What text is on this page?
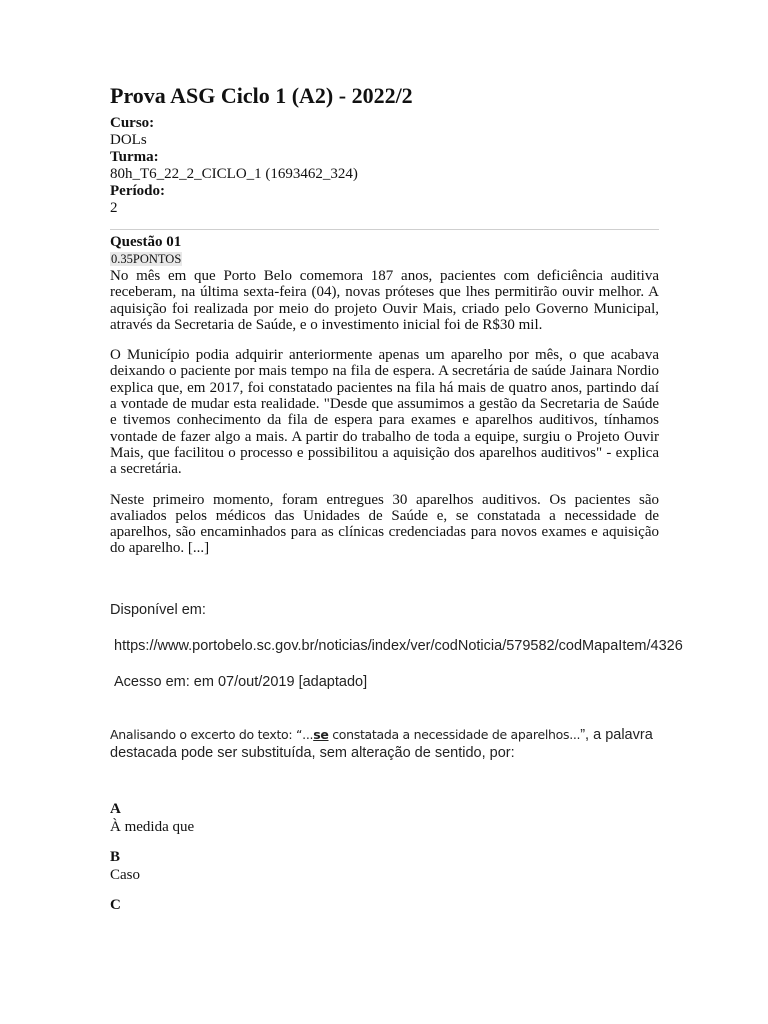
Prova ASG Ciclo 1 (A2) - 2022/2
Curso:
DOLs
Turma:
80h_T6_22_2_CICLO_1 (1693462_324)
Período:
2
Questão 01
0.35PONTOS

No mês em que Porto Belo comemora 187 anos, pacientes com deficiência auditiva receberam, na última sexta-feira (04), novas próteses que lhes permitirão ouvir melhor. A aquisição foi realizada por meio do projeto Ouvir Mais, criado pelo Governo Municipal, através da Secretaria de Saúde, e o investimento inicial foi de R$30 mil.

O Município podia adquirir anteriormente apenas um aparelho por mês, o que acabava deixando o paciente por mais tempo na fila de espera. A secretária de saúde Jainara Nordio explica que, em 2017, foi constatado pacientes na fila há mais de quatro anos, partindo daí a vontade de mudar esta realidade. "Desde que assumimos a gestão da Secretaria de Saúde e tivemos conhecimento da fila de espera para exames e aparelhos auditivos, tínhamos vontade de fazer algo a mais. A partir do trabalho de toda a equipe, surgiu o Projeto Ouvir Mais, que facilitou o processo e possibilitou a aquisição dos aparelhos auditivos" - explica a secretária.

Neste primeiro momento, foram entregues 30 aparelhos auditivos. Os pacientes são avaliados pelos médicos das Unidades de Saúde e, se constatada a necessidade de aparelhos, são encaminhados para as clínicas credenciadas para novos exames e aquisição do aparelho. [...]

Disponível em:

https://www.portobelo.sc.gov.br/noticias/index/ver/codNoticia/579582/codMapaItem/4326

Acesso em: em 07/out/2019 [adaptado]

Analisando o excerto do texto: “...se constatada a necessidade de aparelhos...”, a palavra destacada pode ser substituída, sem alteração de sentido, por:

A
À medida que
B
Caso
C
